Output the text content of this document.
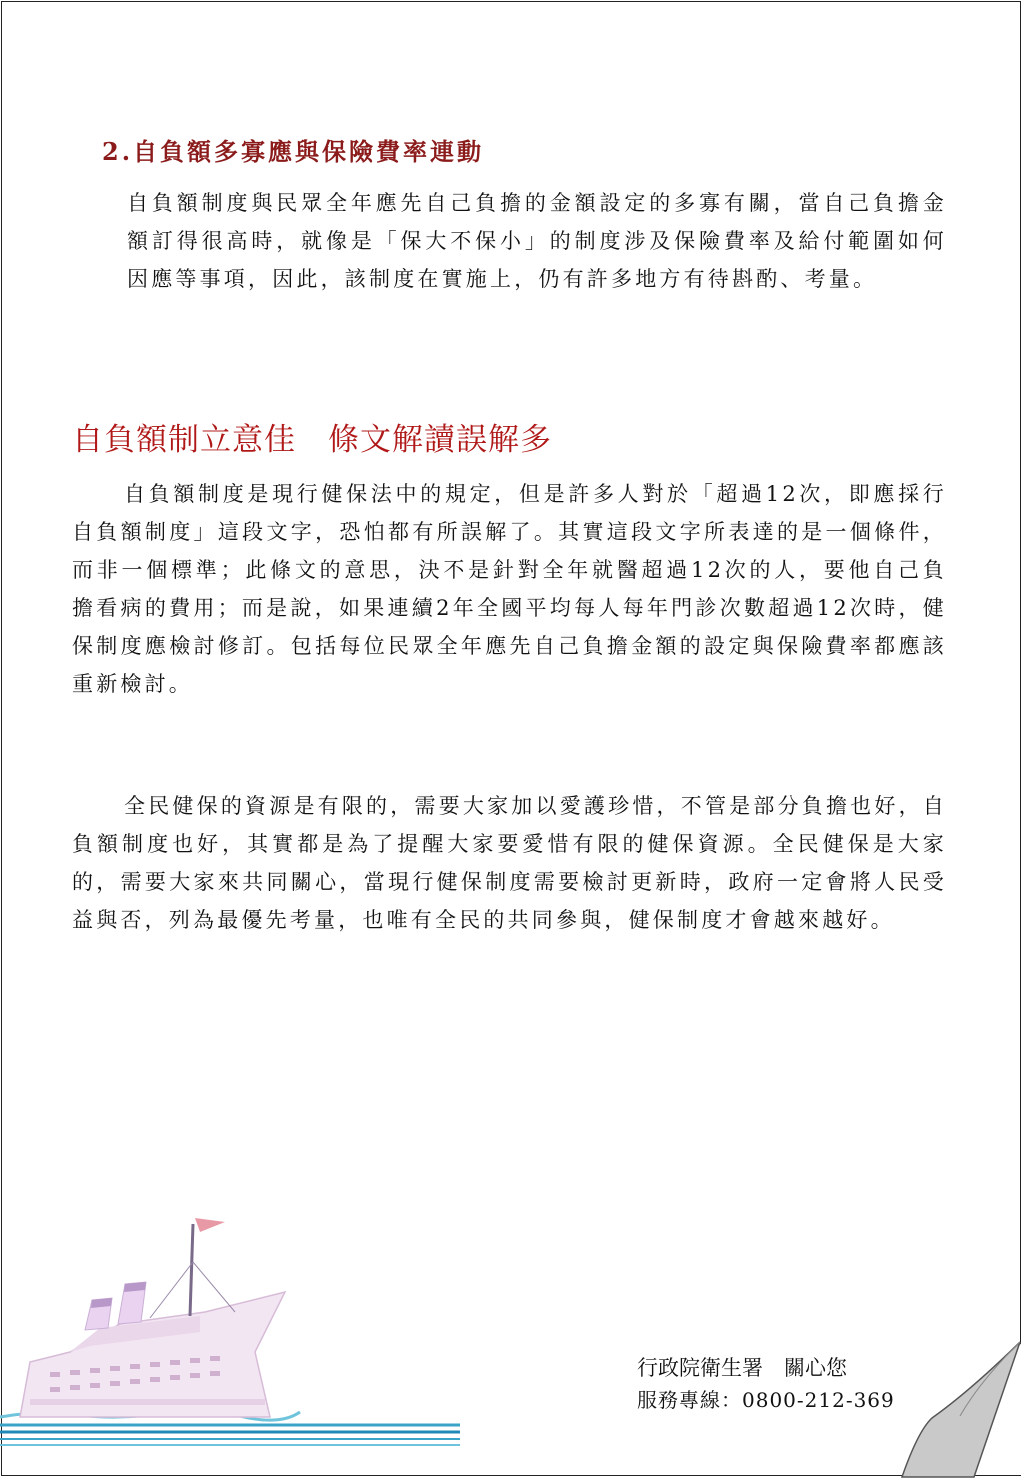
2.自負額多寡應與保險費率連動

自負額制度與民眾全年應先自己負擔的金額設定的多寡有關，當自己負擔金額訂得很高時，就像是「保大不保小」的制度涉及保險費率及給付範圍如何因應等事項，因此，該制度在實施上，仍有許多地方有待斟酌、考量。

自負額制立意佳　條文解讀誤解多

自負額制度是現行健保法中的規定，但是許多人對於「超過12次，即應採行自負額制度」這段文字，恐怕都有所誤解了。其實這段文字所表達的是一個條件，而非一個標準；此條文的意思，決不是針對全年就醫超過12次的人，要他自己負擔看病的費用；而是說，如果連續2年全國平均每人每年門診次數超過12次時，健保制度應檢討修訂。包括每位民眾全年應先自己負擔金額的設定與保險費率都應該重新檢討。

全民健保的資源是有限的，需要大家加以愛護珍惜，不管是部分負擔也好，自負額制度也好，其實都是為了提醒大家要愛惜有限的健保資源。全民健保是大家的，需要大家來共同關心，當現行健保制度需要檢討更新時，政府一定會將人民受益與否，列為最優先考量，也唯有全民的共同參與，健保制度才會越來越好。

行政院衛生署　關心您
服務專線：0800-212-369
